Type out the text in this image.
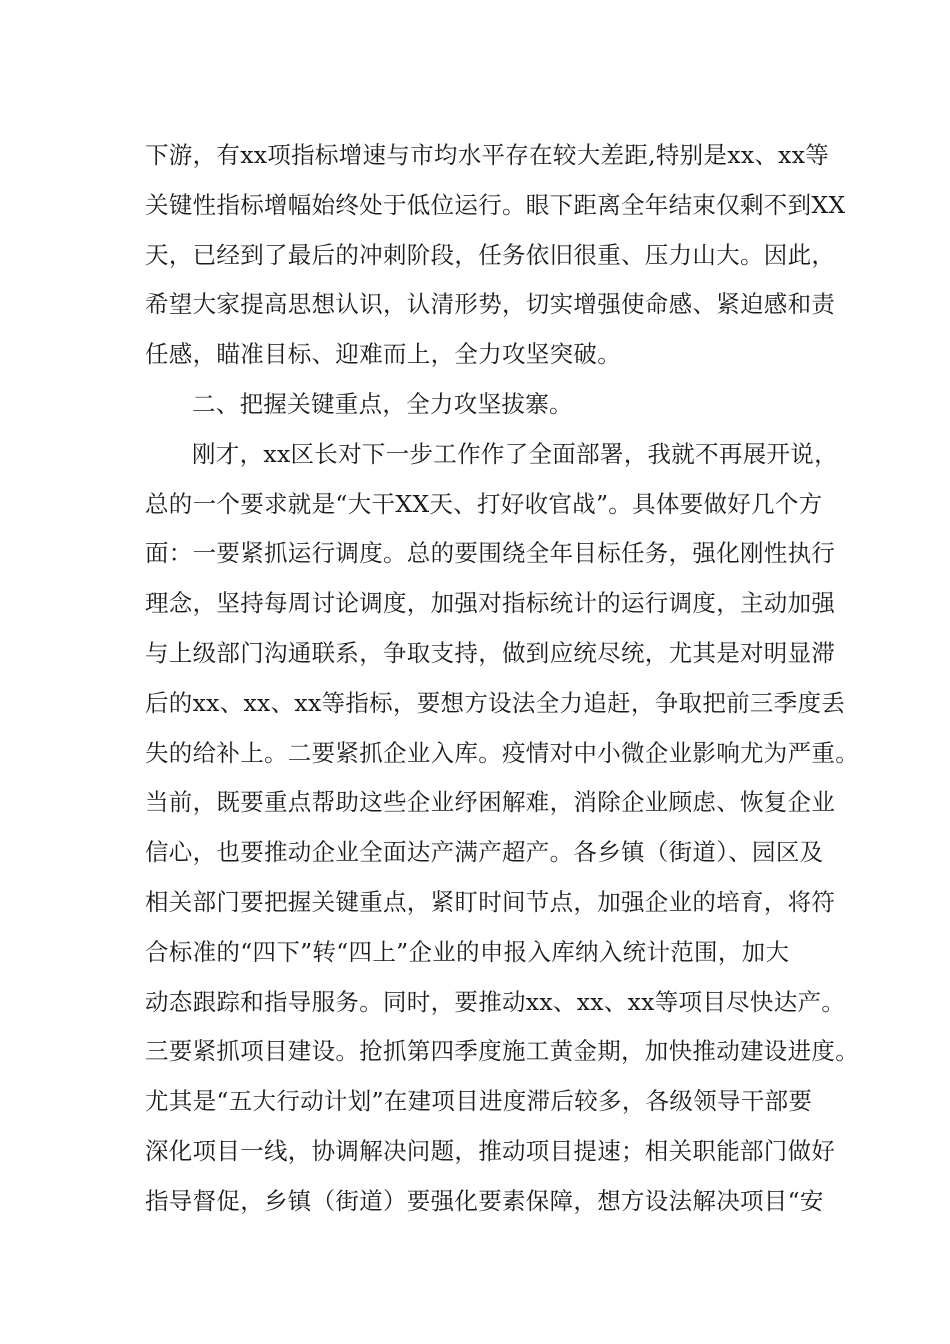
下游，有xx项指标增速与市均水平存在较大差距,特别是xx、xx等
关键性指标增幅始终处于低位运行。眼下距离全年结束仅剩不到XX
天，已经到了最后的冲刺阶段，任务依旧很重、压力山大。因此，
希望大家提高思想认识，认清形势，切实增强使命感、紧迫感和责
任感，瞄准目标、迎难而上，全力攻坚突破。
二、把握关键重点，全力攻坚拔寨。
刚才，xx区长对下一步工作作了全面部署，我就不再展开说，
总的一个要求就是“大干XX天、打好收官战”。具体要做好几个方
面：一要紧抓运行调度。总的要围绕全年目标任务，强化刚性执行
理念，坚持每周讨论调度，加强对指标统计的运行调度，主动加强
与上级部门沟通联系，争取支持，做到应统尽统，尤其是对明显滞
后的xx、xx、xx等指标，要想方设法全力追赶，争取把前三季度丢
失的给补上。二要紧抓企业入库。疫情对中小微企业影响尤为严重。
当前，既要重点帮助这些企业纾困解难，消除企业顾虑、恢复企业
信心，也要推动企业全面达产满产超产。各乡镇（街道）、园区及
相关部门要把握关键重点，紧盯时间节点，加强企业的培育，将符
合标准的“四下”转“四上”企业的申报入库纳入统计范围，加大
动态跟踪和指导服务。同时，要推动xx、xx、xx等项目尽快达产。
三要紧抓项目建设。抢抓第四季度施工黄金期，加快推动建设进度。
尤其是“五大行动计划”在建项目进度滞后较多，各级领导干部要
深化项目一线，协调解决问题，推动项目提速；相关职能部门做好
指导督促，乡镇（街道）要强化要素保障，想方设法解决项目“安
